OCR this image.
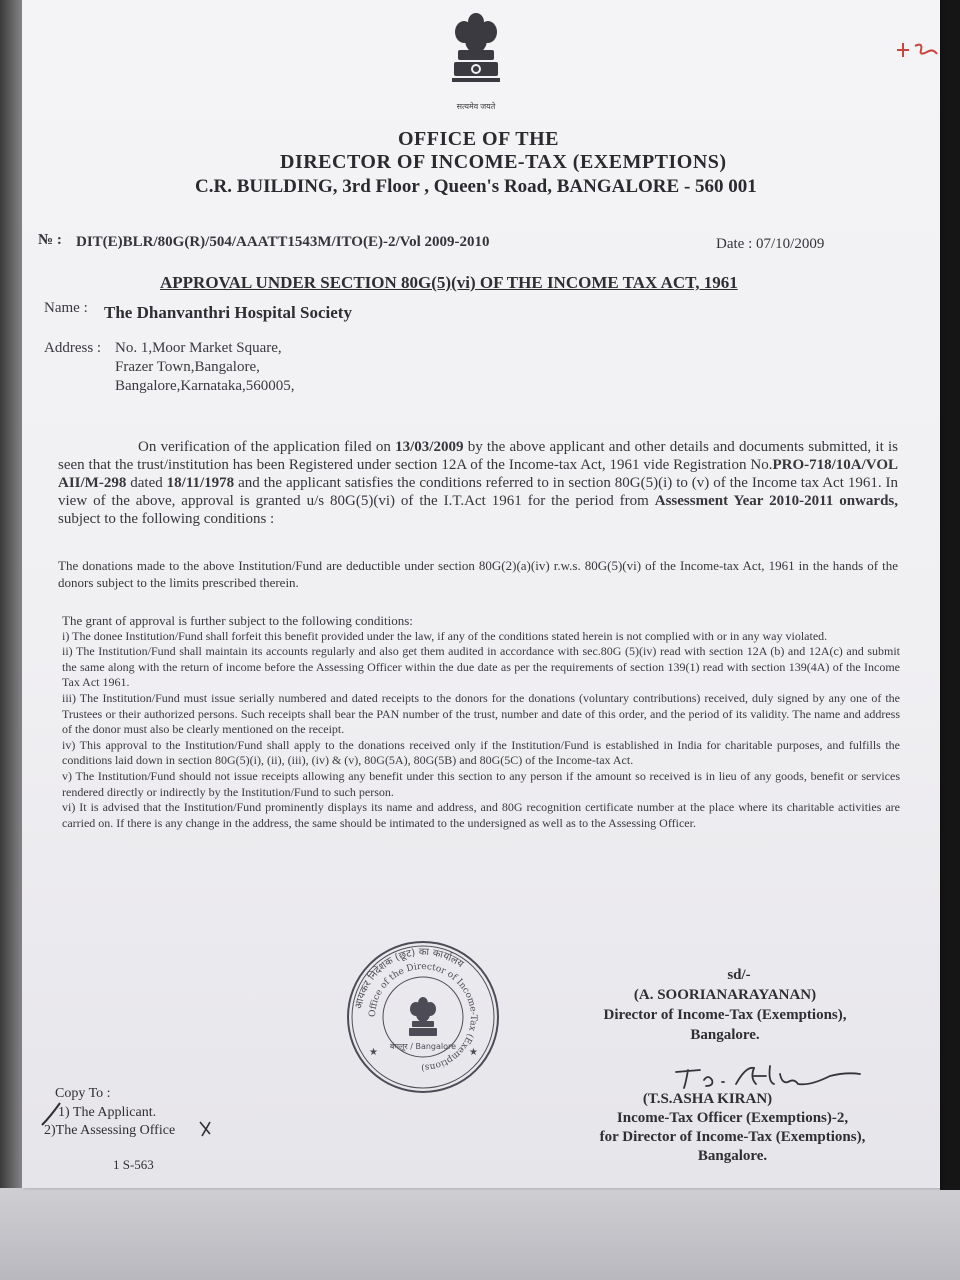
सत्यमेव जयते
OFFICE OF THE
DIRECTOR OF INCOME-TAX (EXEMPTIONS)
C.R. BUILDING, 3rd Floor , Queen's Road, BANGALORE - 560 001
№ : DIT(E)BLR/80G(R)/504/AAATT1543M/ITO(E)-2/Vol 2009-2010	Date : 07/10/2009
APPROVAL UNDER SECTION 80G(5)(vi) OF THE INCOME TAX ACT, 1961
Name : The Dhanvanthri Hospital Society
Address : No. 1,Moor Market Square,
Frazer Town,Bangalore,
Bangalore,Karnataka,560005,
On verification of the application filed on 13/03/2009 by the above applicant and other details and documents submitted, it is seen that the trust/institution has been Registered under section 12A of the Income-tax Act, 1961 vide Registration No.PRO-718/10A/VOL AII/M-298 dated 18/11/1978 and the applicant satisfies the conditions referred to in section 80G(5)(i) to (v) of the Income tax Act 1961. In view of the above, approval is granted u/s 80G(5)(vi) of the I.T.Act 1961 for the period from Assessment Year 2010-2011 onwards, subject to the following conditions :
The donations made to the above Institution/Fund are deductible under section 80G(2)(a)(iv) r.w.s. 80G(5)(vi) of the Income-tax Act, 1961 in the hands of the donors subject to the limits prescribed therein.

The grant of approval is further subject to the following conditions:

i) The donee Institution/Fund shall forfeit this benefit provided under the law, if any of the conditions stated herein is not complied with or in any way violated.

ii) The Institution/Fund shall maintain its accounts regularly and also get them audited in accordance with sec.80G (5)(iv) read with section 12A (b) and 12A(c) and submit the same along with the return of income before the Assessing Officer within the due date as per the requirements of section 139(1) read with section 139(4A) of the Income Tax Act 1961.

iii) The Institution/Fund must issue serially numbered and dated receipts to the donors for the donations (voluntary contributions) received, duly signed by any one of the Trustees or their authorized persons. Such receipts shall bear the PAN number of the trust, number and date of this order, and the period of its validity. The name and address of the donor must also be clearly mentioned on the receipt.

iv) This approval to the Institution/Fund shall apply to the donations received only if the Institution/Fund is established in India for charitable purposes, and fulfills the conditions laid down in section 80G(5)(i), (ii), (iii), (iv) & (v), 80G(5A), 80G(5B) and 80G(5C) of the Income-tax Act.

v) The Institution/Fund should not issue receipts allowing any benefit under this section to any person if the amount so received is in lieu of any goods, benefit or services rendered directly or indirectly by the Institution/Fund to such person.

vi) It is advised that the Institution/Fund prominently displays its name and address, and 80G recognition certificate number at the place where its charitable activities are carried on. If there is any change in the address, the same should be intimated to the undersigned as well as to the Assessing Officer.

आयकर निदेशक (छूट) का कार्यालय
Office of the Director of Income-Tax (Exemptions)
बंगलूर / Bangalore
★	★
sd/-
(A. SOORIANARAYANAN)
Director of Income-Tax (Exemptions),
Bangalore.
(T.S.ASHA KIRAN)
Income-Tax Officer (Exemptions)-2,
for Director of Income-Tax (Exemptions),
Bangalore.
Copy To :
1) The Applicant.
2)The Assessing Office
1 S-563
